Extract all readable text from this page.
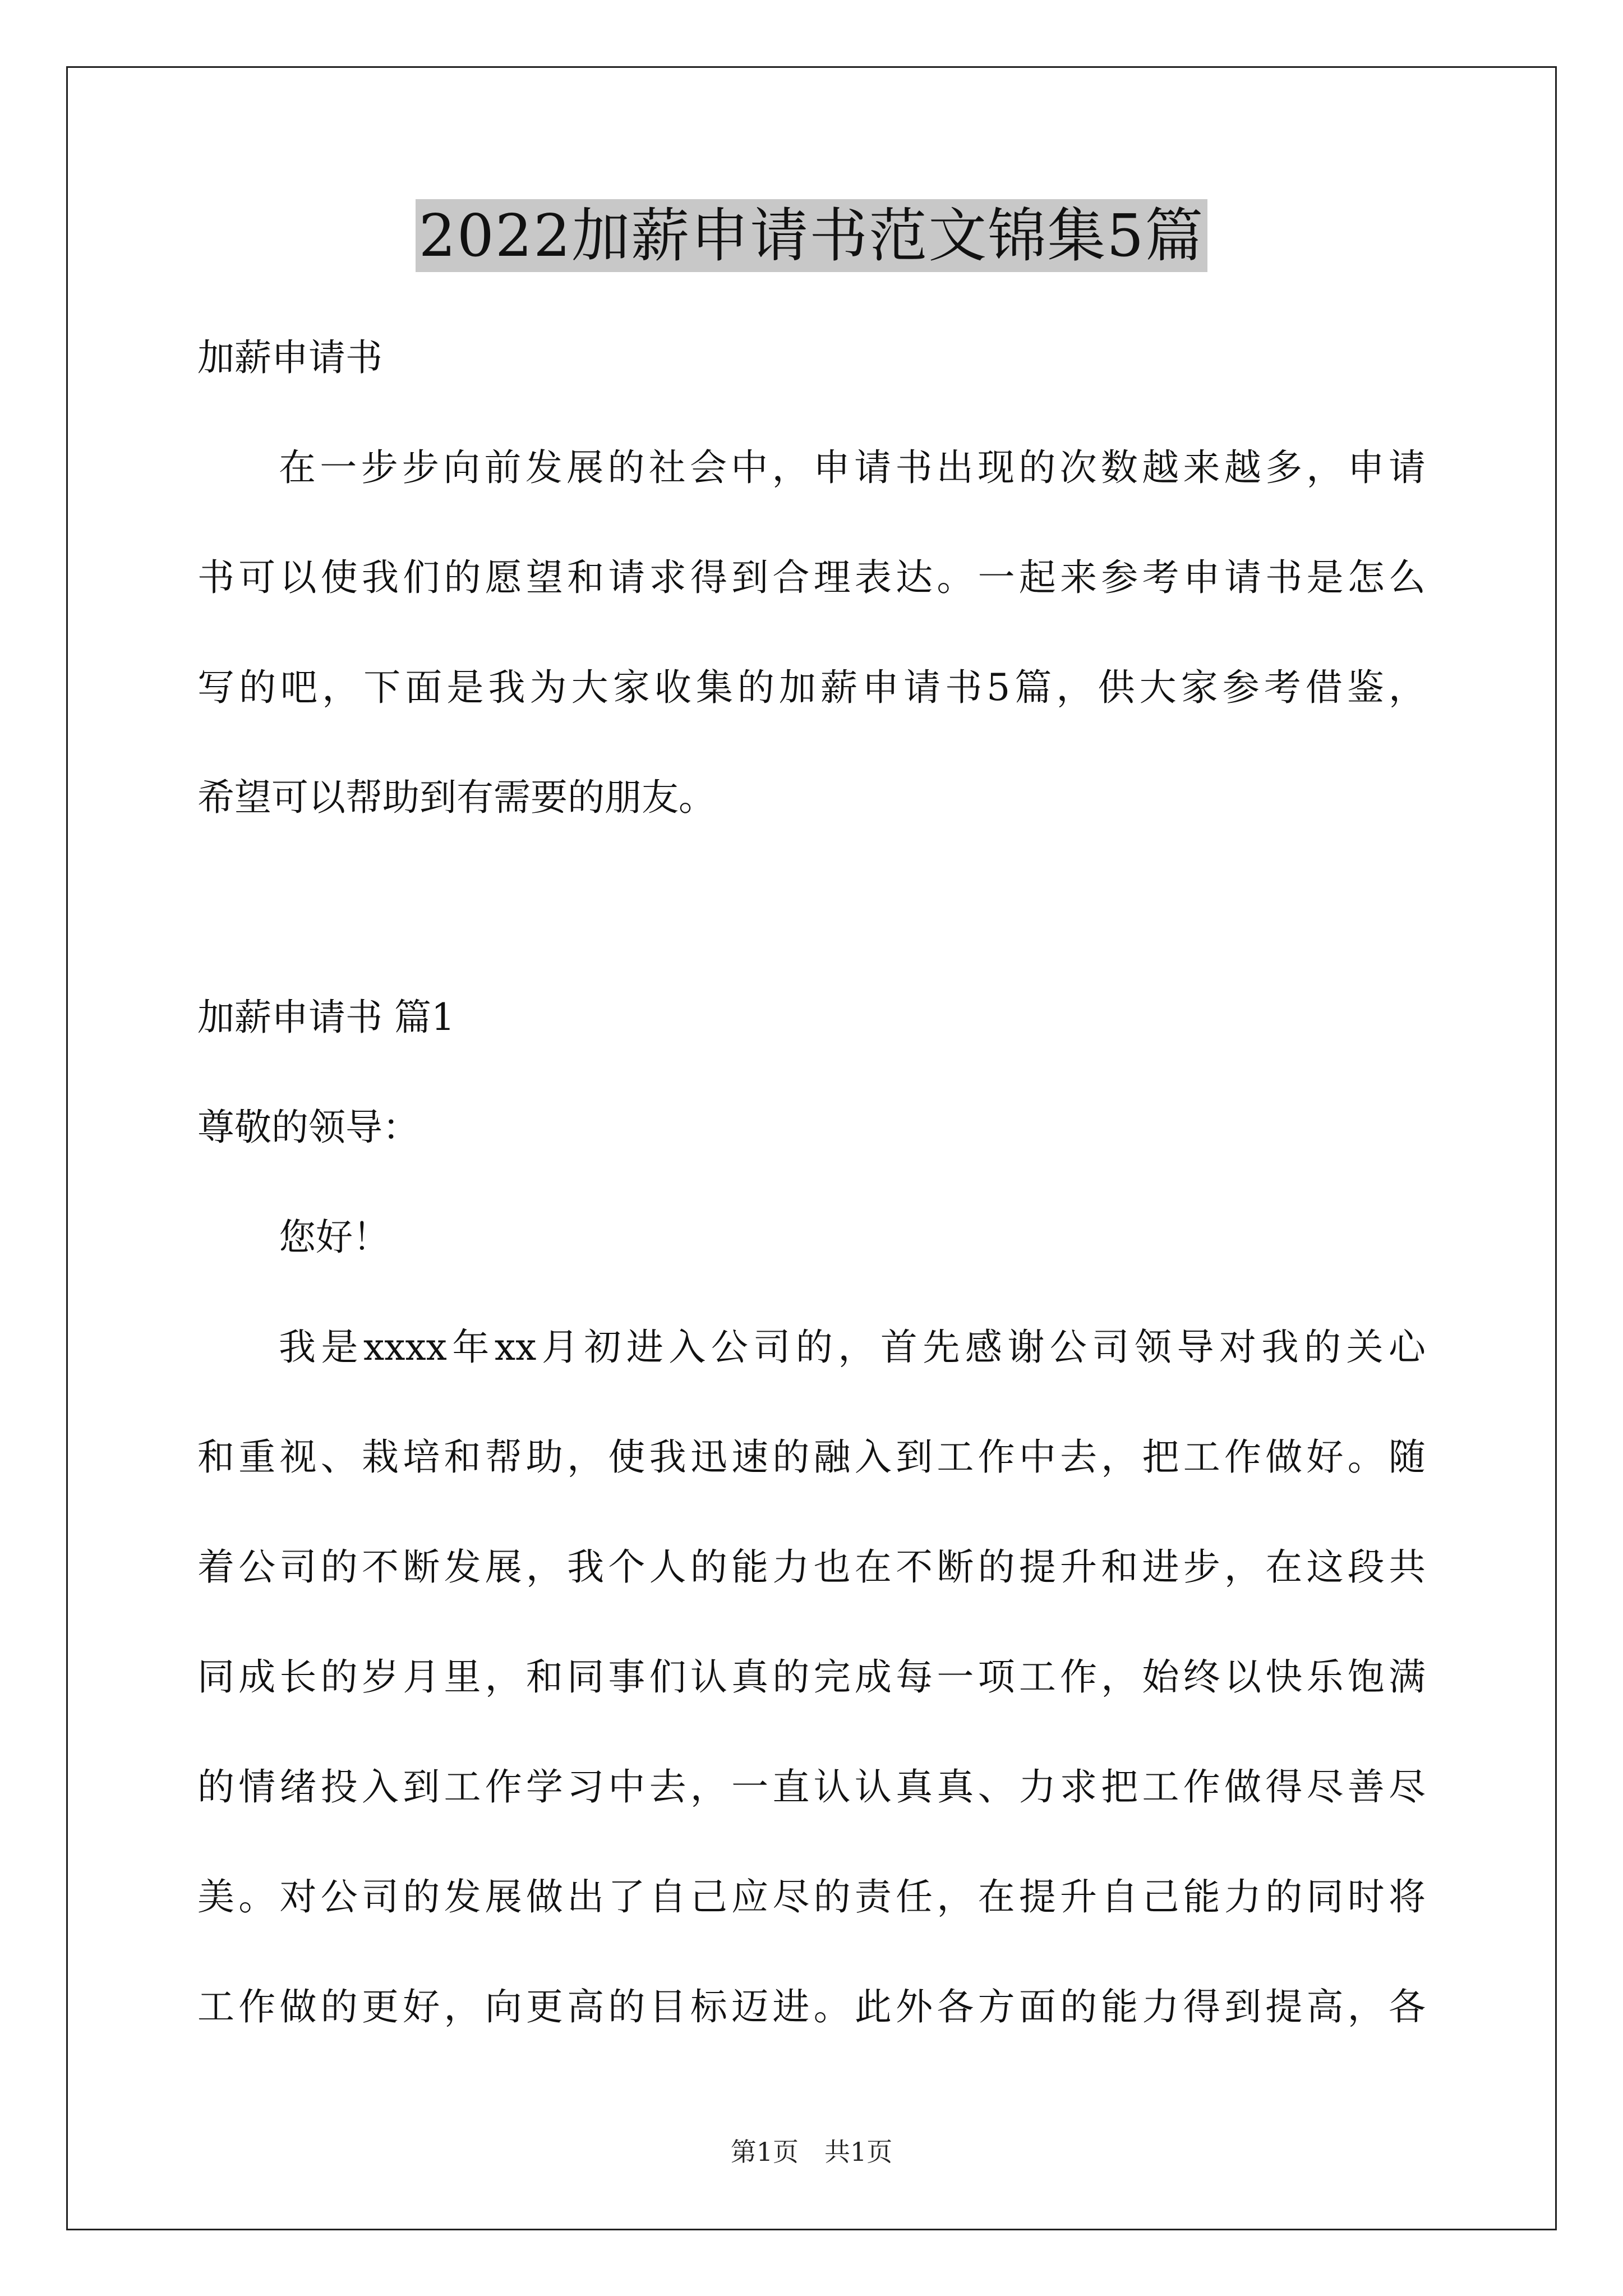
2022加薪申请书范文锦集5篇
加薪申请书
在一步步向前发展的社会中，申请书出现的次数越来越多，申请
书可以使我们的愿望和请求得到合理表达。一起来参考申请书是怎么
写的吧，下面是我为大家收集的加薪申请书5篇，供大家参考借鉴，
希望可以帮助到有需要的朋友。
加薪申请书 篇1
尊敬的领导：
您好！
我是xxxx年xx月初进入公司的，首先感谢公司领导对我的关心
和重视、栽培和帮助，使我迅速的融入到工作中去，把工作做好。随
着公司的不断发展，我个人的能力也在不断的提升和进步，在这段共
同成长的岁月里，和同事们认真的完成每一项工作，始终以快乐饱满
的情绪投入到工作学习中去，一直认认真真、力求把工作做得尽善尽
美。对公司的发展做出了自己应尽的责任，在提升自己能力的同时将
工作做的更好，向更高的目标迈进。此外各方面的能力得到提高，各
第1页　共1页
